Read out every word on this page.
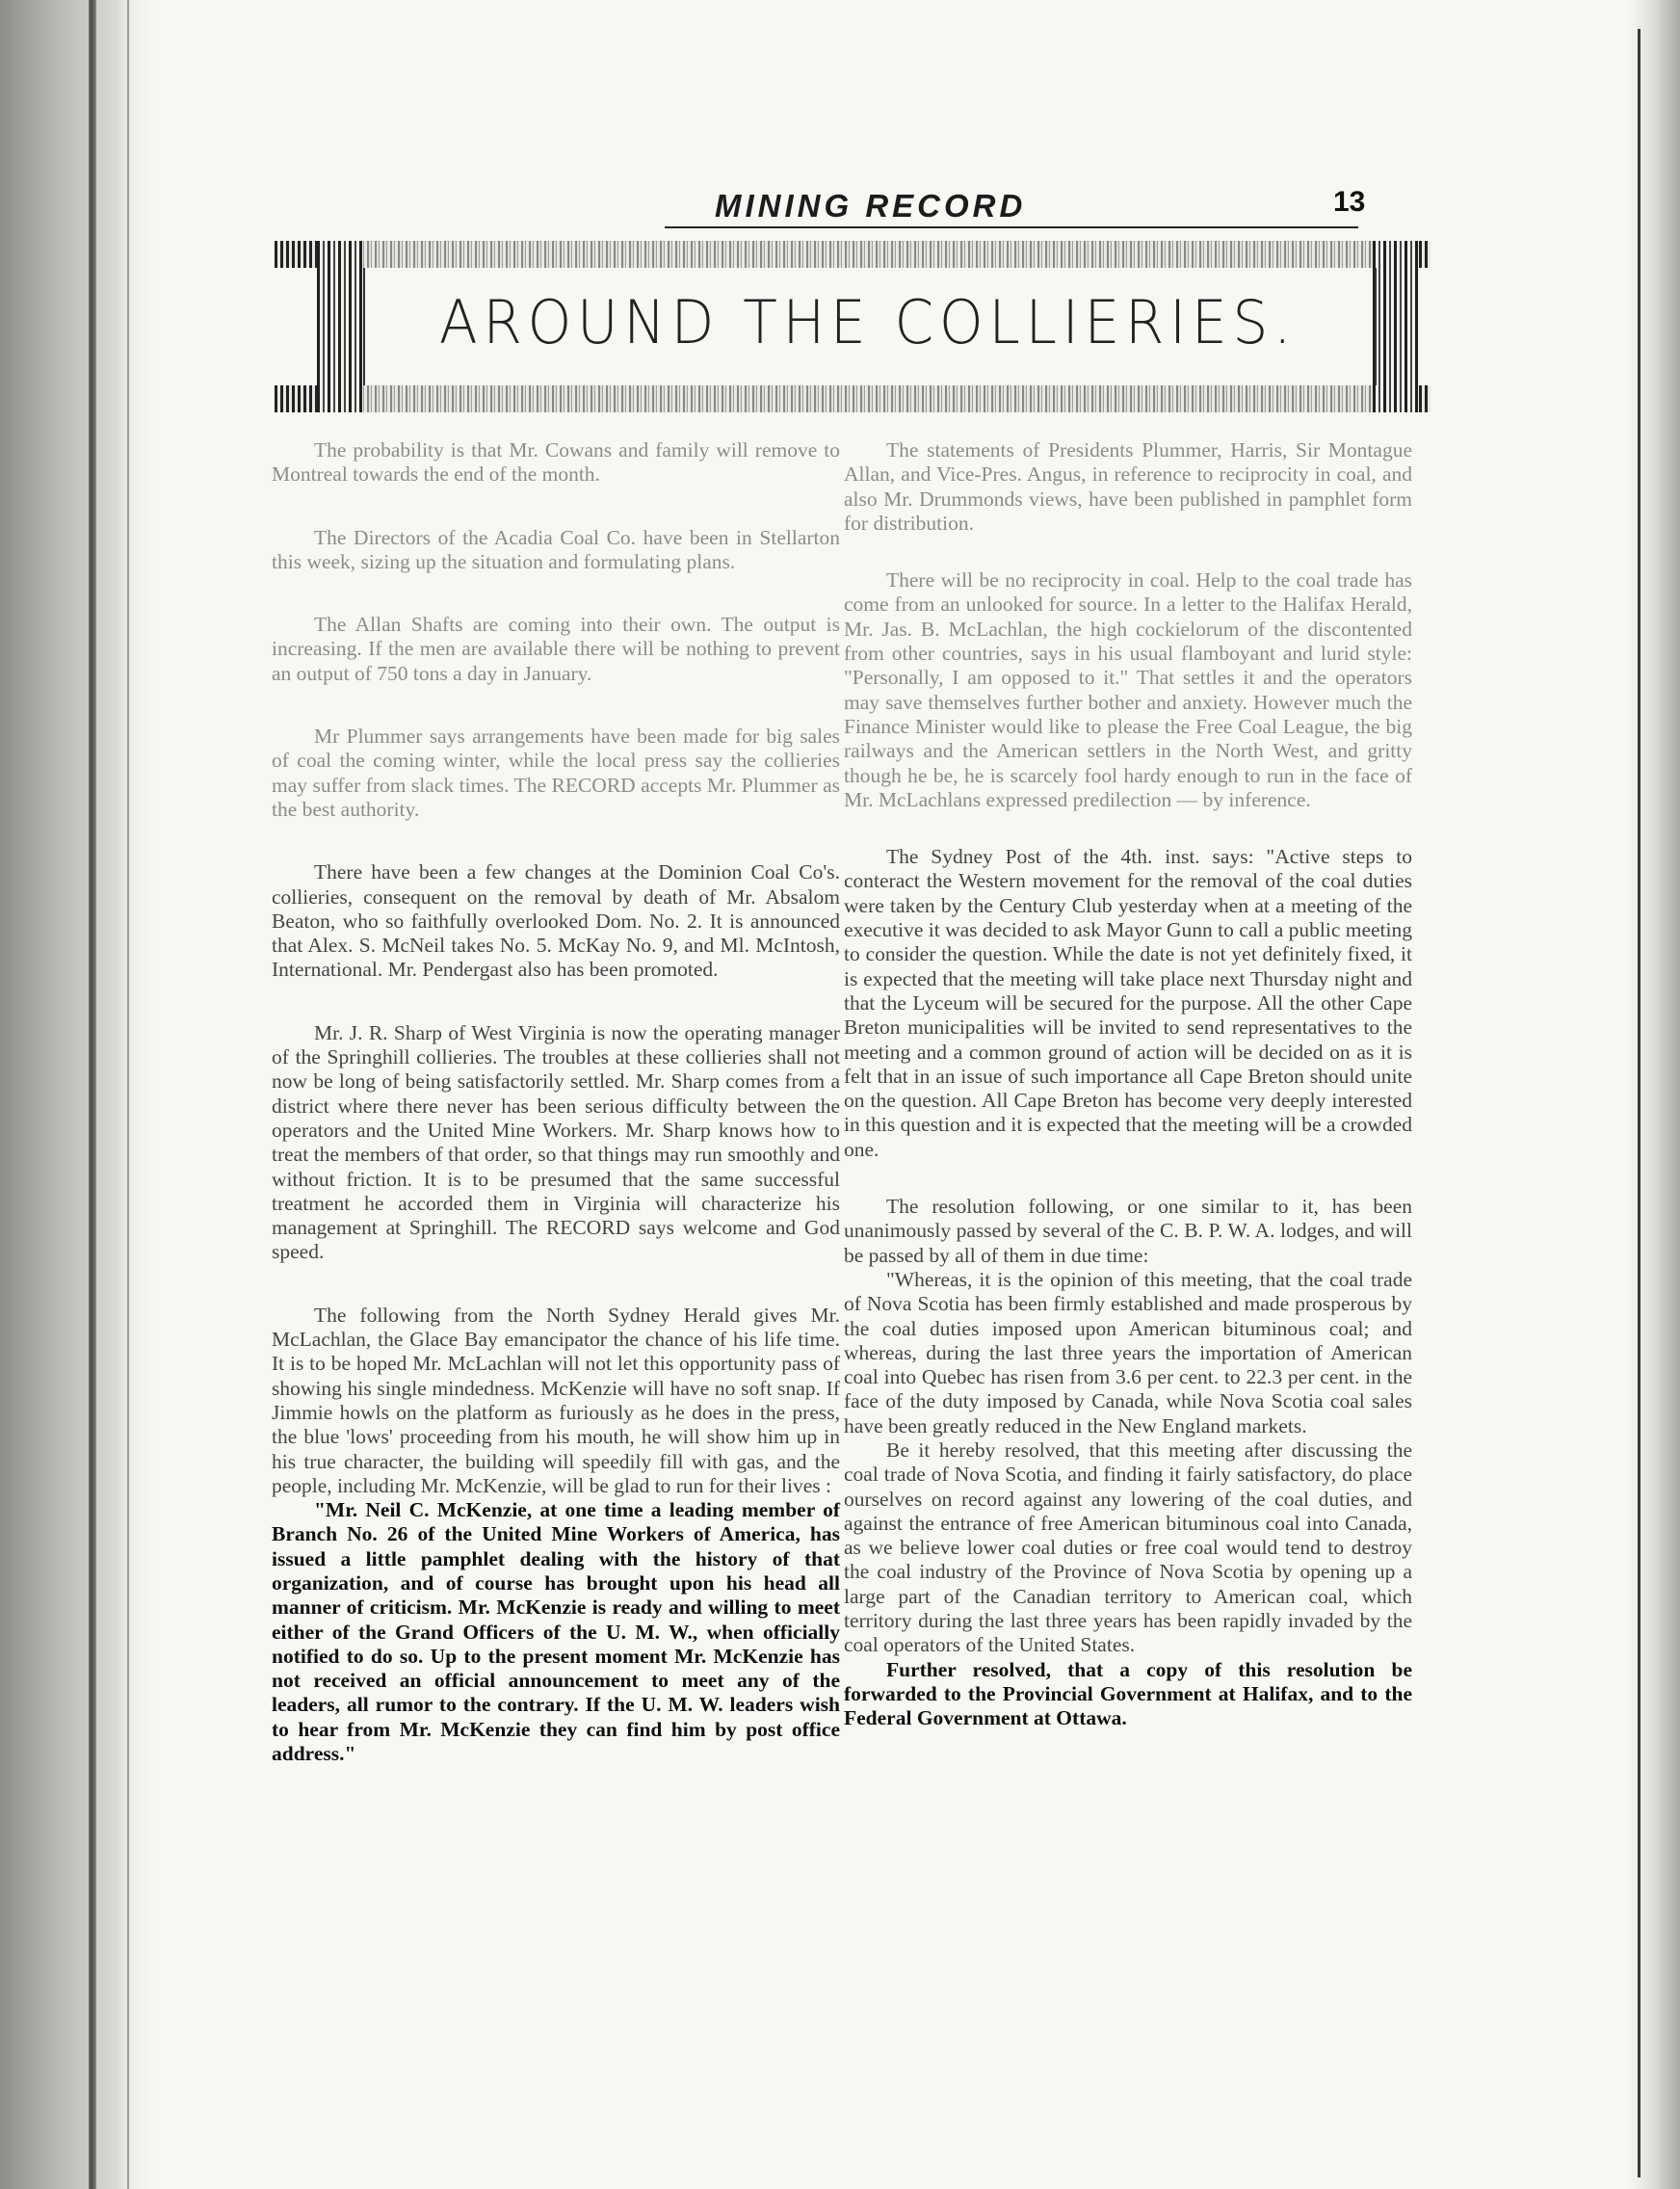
MINING RECORD	13
AROUND THE COLLIERIES.

The probability is that Mr. Cowans and family will remove to Montreal towards the end of the month.

The Directors of the Acadia Coal Co. have been in Stellarton this week, sizing up the situation and formulating plans.

The Allan Shafts are coming into their own. The output is increasing. If the men are available there will be nothing to prevent an output of 750 tons a day in January.

Mr Plummer says arrangements have been made for big sales of coal the coming winter, while the local press say the collieries may suffer from slack times. The RECORD accepts Mr. Plummer as the best authority.

There have been a few changes at the Dominion Coal Co's. collieries, consequent on the removal by death of Mr. Absalom Beaton, who so faithfully overlooked Dom. No. 2. It is announced that Alex. S. McNeil takes No. 5. McKay No. 9, and Ml. McIntosh, International. Mr. Pendergast also has been promoted.

Mr. J. R. Sharp of West Virginia is now the operating manager of the Springhill collieries. The troubles at these collieries shall not now be long of being satisfactorily settled. Mr. Sharp comes from a district where there never has been serious difficulty between the operators and the United Mine Workers. Mr. Sharp knows how to treat the members of that order, so that things may run smoothly and without friction. It is to be presumed that the same successful treatment he accorded them in Virginia will characterize his management at Springhill. The RECORD says welcome and God speed.

The following from the North Sydney Herald gives Mr. McLachlan, the Glace Bay emancipator the chance of his life time. It is to be hoped Mr. McLachlan will not let this opportunity pass of showing his single mindedness. McKenzie will have no soft snap. If Jimmie howls on the platform as furiously as he does in the press, the blue 'lows' proceeding from his mouth, he will show him up in his true character, the building will speedily fill with gas, and the people, including Mr. McKenzie, will be glad to run for their lives :

"Mr. Neil C. McKenzie, at one time a leading member of Branch No. 26 of the United Mine Workers of America, has issued a little pamphlet dealing with the history of that organization, and of course has brought upon his head all manner of criticism. Mr. McKenzie is ready and willing to meet either of the Grand Officers of the U. M. W., when officially notified to do so. Up to the present moment Mr. McKenzie has not received an official announcement to meet any of the leaders, all rumor to the contrary. If the U. M. W. leaders wish to hear from Mr. McKenzie they can find him by post office address."

The statements of Presidents Plummer, Harris, Sir Montague Allan, and Vice-Pres. Angus, in reference to reciprocity in coal, and also Mr. Drummonds views, have been published in pamphlet form for distribution.

There will be no reciprocity in coal. Help to the coal trade has come from an unlooked for source. In a letter to the Halifax Herald, Mr. Jas. B. McLachlan, the high cockielorum of the discontented from other countries, says in his usual flamboyant and lurid style: "Personally, I am opposed to it." That settles it and the operators may save themselves further bother and anxiety. However much the Finance Minister would like to please the Free Coal League, the big railways and the American settlers in the North West, and gritty though he be, he is scarcely fool hardy enough to run in the face of Mr. McLachlans expressed predilection — by inference.

The Sydney Post of the 4th. inst. says: "Active steps to conteract the Western movement for the removal of the coal duties were taken by the Century Club yesterday when at a meeting of the executive it was decided to ask Mayor Gunn to call a public meeting to consider the question. While the date is not yet definitely fixed, it is expected that the meeting will take place next Thursday night and that the Lyceum will be secured for the purpose. All the other Cape Breton municipalities will be invited to send representatives to the meeting and a common ground of action will be decided on as it is felt that in an issue of such importance all Cape Breton should unite on the question. All Cape Breton has become very deeply interested in this question and it is expected that the meeting will be a crowded one.

The resolution following, or one similar to it, has been unanimously passed by several of the C. B. P. W. A. lodges, and will be passed by all of them in due time:

"Whereas, it is the opinion of this meeting, that the coal trade of Nova Scotia has been firmly established and made prosperous by the coal duties imposed upon American bituminous coal; and whereas, during the last three years the importation of American coal into Quebec has risen from 3.6 per cent. to 22.3 per cent. in the face of the duty imposed by Canada, while Nova Scotia coal sales have been greatly reduced in the New England markets.

Be it hereby resolved, that this meeting after discussing the coal trade of Nova Scotia, and finding it fairly satisfactory, do place ourselves on record against any lowering of the coal duties, and against the entrance of free American bituminous coal into Canada, as we believe lower coal duties or free coal would tend to destroy the coal industry of the Province of Nova Scotia by opening up a large part of the Canadian territory to American coal, which territory during the last three years has been rapidly invaded by the coal operators of the United States.

Further resolved, that a copy of this resolution be forwarded to the Provincial Government at Halifax, and to the Federal Government at Ottawa.
